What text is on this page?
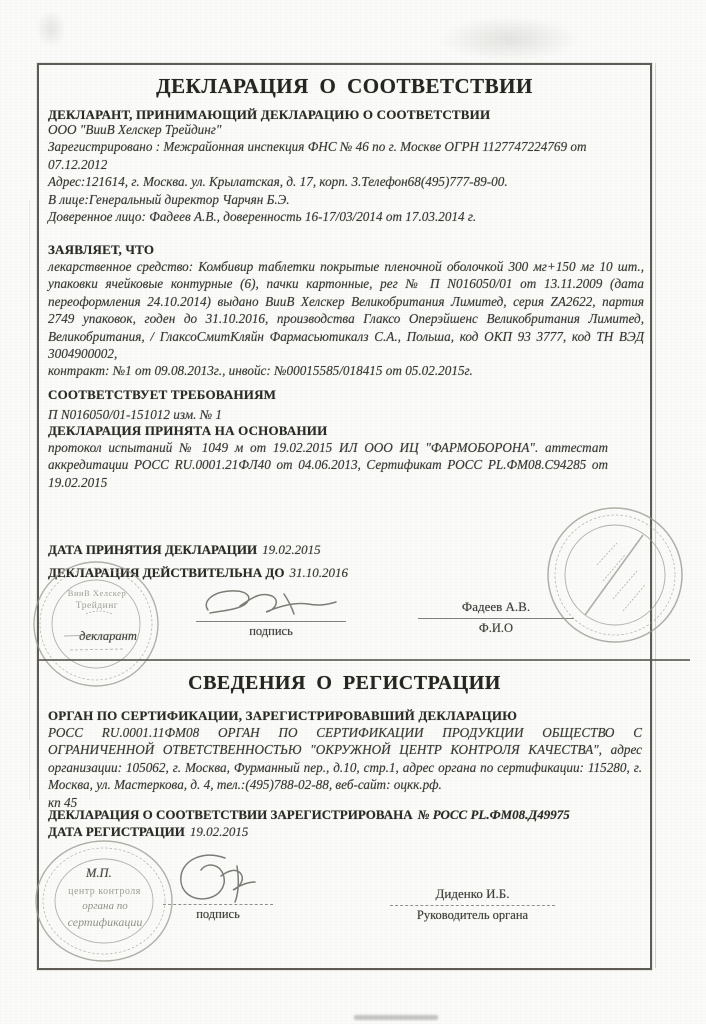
ДЕКЛАРАЦИЯ О СООТВЕТСТВИИ
ДЕКЛАРАНТ, ПРИНИМАЮЩИЙ ДЕКЛАРАЦИЮ О СООТВЕТСТВИИ
ООО "ВииВ Хелскер Трейдинг"
Зарегистрировано : Межрайонная инспекция ФНС № 46 по г. Москве ОГРН 1127747224769 от 07.12.2012
Адрес:121614, г. Москва. ул. Крылатская, д. 17, корп. 3.Телефон68(495)777-89-00.
В лице:Генеральный директор Чарчян Б.Э.
Доверенное лицо: Фадеев А.В., доверенность 16-17/03/2014 от 17.03.2014 г.
ЗАЯВЛЯЕТ, ЧТО
лекарственное средство: Комбивир таблетки покрытые пленочной оболочкой 300 мг+150 мг 10 шт., упаковки ячейковые контурные (6), пачки картонные, рег № П N016050/01 от 13.11.2009 (дата переоформления 24.10.2014) выдано ВииВ Хелскер Великобритания Лимитед, серия ZA2622, партия 2749 упаковок, годен до 31.10.2016, производства Глаксо Оперэйшенс Великобритания Лимитед, Великобритания, / ГлаксоСмитКляйн Фармасьютикалз С.А., Польша, код ОКП 93 3777, код ТН ВЭД 3004900002,
контракт: №1 от 09.08.2013г., инвойс: №00015585/018415 от 05.02.2015г.
СООТВЕТСТВУЕТ ТРЕБОВАНИЯМ
П N016050/01-151012 изм. № 1
ДЕКЛАРАЦИЯ ПРИНЯТА НА ОСНОВАНИИ
протокол испытаний № 1049 м от 19.02.2015 ИЛ ООО ИЦ "ФАРМОБОРОНА". аттестат аккредитации РОСС RU.0001.21ФЛ40 от 04.06.2013, Сертификат РОСС PL.ФМ08.С94285 от 19.02.2015
ДАТА ПРИНЯТИЯ ДЕКЛАРАЦИИ 19.02.2015
ДЕКЛАРАЦИЯ ДЕЙСТВИТЕЛЬНА ДО 31.10.2016
декларант	подпись
Фадеев А.В.
Ф.И.О
ВииВ Хелскер
Трейдинг
СВЕДЕНИЯ О РЕГИСТРАЦИИ
ОРГАН ПО СЕРТИФИКАЦИИ, ЗАРЕГИСТРИРОВАВШИЙ ДЕКЛАРАЦИЮ
РОСС RU.0001.11ФМ08 ОРГАН ПО СЕРТИФИКАЦИИ ПРОДУКЦИИ ОБЩЕСТВО С ОГРАНИЧЕННОЙ ОТВЕТСТВЕННОСТЬЮ "ОКРУЖНОЙ ЦЕНТР КОНТРОЛЯ КАЧЕСТВА", адрес организации: 105062, г. Москва, Фурманный пер., д.10, стр.1, адрес органа по сертификации: 115280, г. Москва, ул. Мастеркова, д. 4, тел.:(495)788-02-88, веб-сайт: оцкк.рф.
кп 45
ДЕКЛАРАЦИЯ О СООТВЕТСТВИИ ЗАРЕГИСТРИРОВАНА № РОСС PL.ФМ08.Д49975
ДАТА РЕГИСТРАЦИИ 19.02.2015
подпись
Диденко И.Б.
Руководитель органа
центр контроля
органа по
сертификации
М.П.
